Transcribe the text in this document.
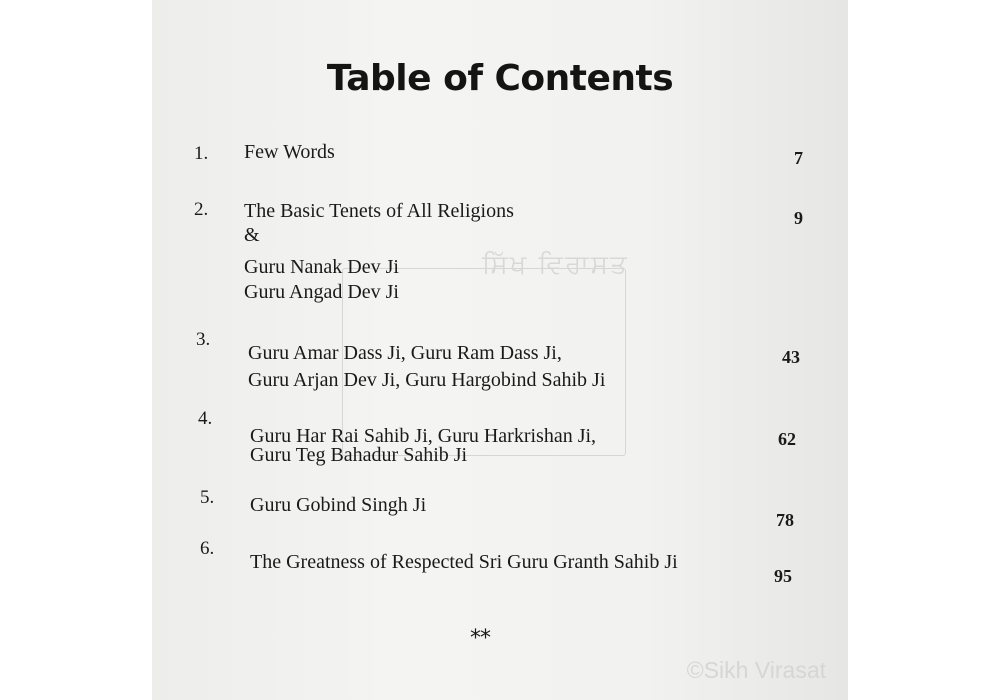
Table of Contents
1. Few Words	7
2. The Basic Tenets of All Religions
&
Guru Nanak Dev Ji
Guru Angad Dev Ji
9
3.
Guru Amar Dass Ji, Guru Ram Dass Ji,
Guru Arjan Dev Ji, Guru Hargobind Sahib Ji
43
4.
Guru Har Rai Sahib Ji, Guru Harkrishan Ji,
Guru Teg Bahadur Sahib Ji
62
5. Guru Gobind Singh Ji
78
6.
The Greatness of Respected Sri Guru Granth Sahib Ji
95
**
ਸਿੱਖ ਵਿਰਾਸਤ
©Sikh Virasat
